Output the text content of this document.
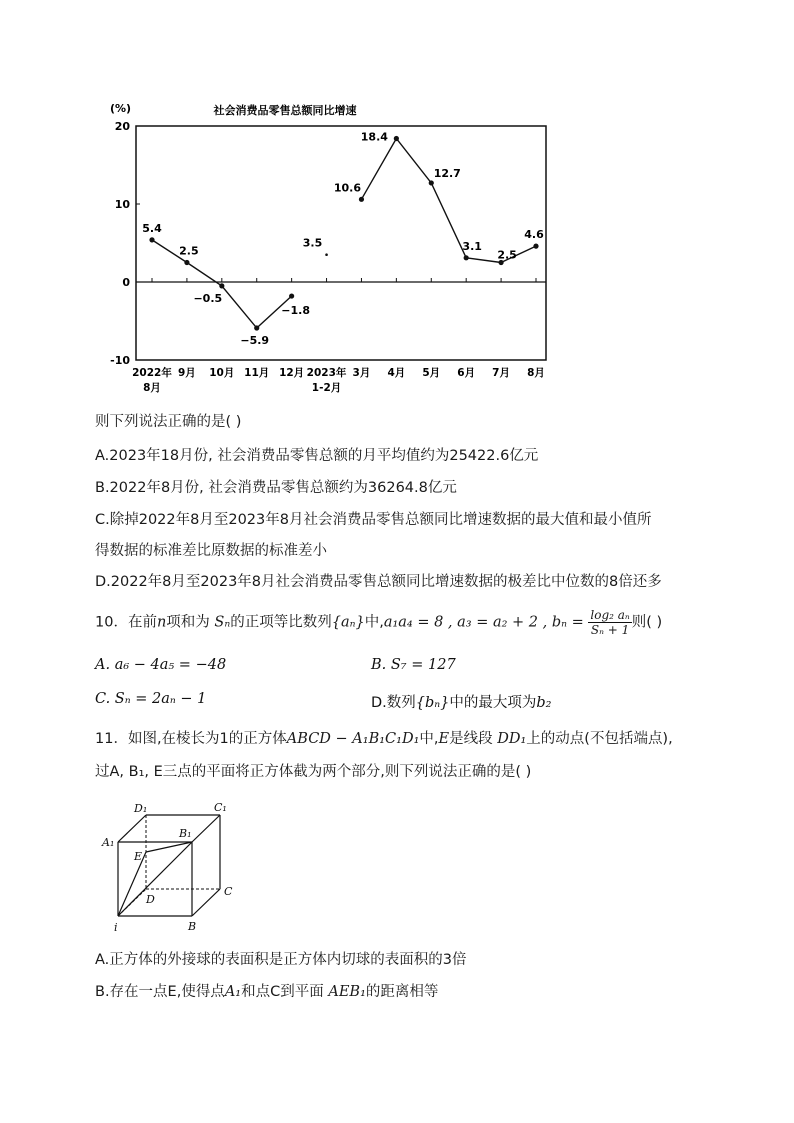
(%)	社会消费品零售总额同比增速
20
10
0
-10
2022年
8月
9月 10月 11月 12月 2023年
1-2月
3月 4月 5月 6月 7月 8月
5.4
2.5
−0.5
−5.9
−1.8
3.5
10.6
18.4
12.7
3.1
2.5
4.6
则下列说法正确的是( )
A.2023年18月份, 社会消费品零售总额的月平均值约为25422.6亿元
B.2022年8月份, 社会消费品零售总额约为36264.8亿元
C.除掉2022年8月至2023年8月社会消费品零售总额同比增速数据的最大值和最小值所
得数据的标准差比原数据的标准差小
D.2022年8月至2023年8月社会消费品零售总额同比增速数据的极差比中位数的8倍还多
10．在前n项和为 Sₙ的正项等比数列{aₙ}中,a₁a₄ = 8 , a₃ = a₂ + 2 , $b_n = \frac{\text{log₂ aₙ}}{\text{Sₙ + 1}}$ 则( )
A. a₆ − 4a₅ = −48	B. S₇ = 127
C. Sₙ = 2aₙ − 1	D.数列{bₙ}中的最大项为b₂
11．如图,在棱长为1的正方体ABCD − A₁B₁C₁D₁中,E是线段 DD₁上的动点(不包括端点),
过A, B₁, E三点的平面将正方体截为两个部分,则下列说法正确的是( )
D₁	C₁
A₁
B₁
E
D
C
B
i
A.正方体的外接球的表面积是正方体内切球的表面积的3倍
B.存在一点E,使得点A₁和点C到平面 AEB₁的距离相等
